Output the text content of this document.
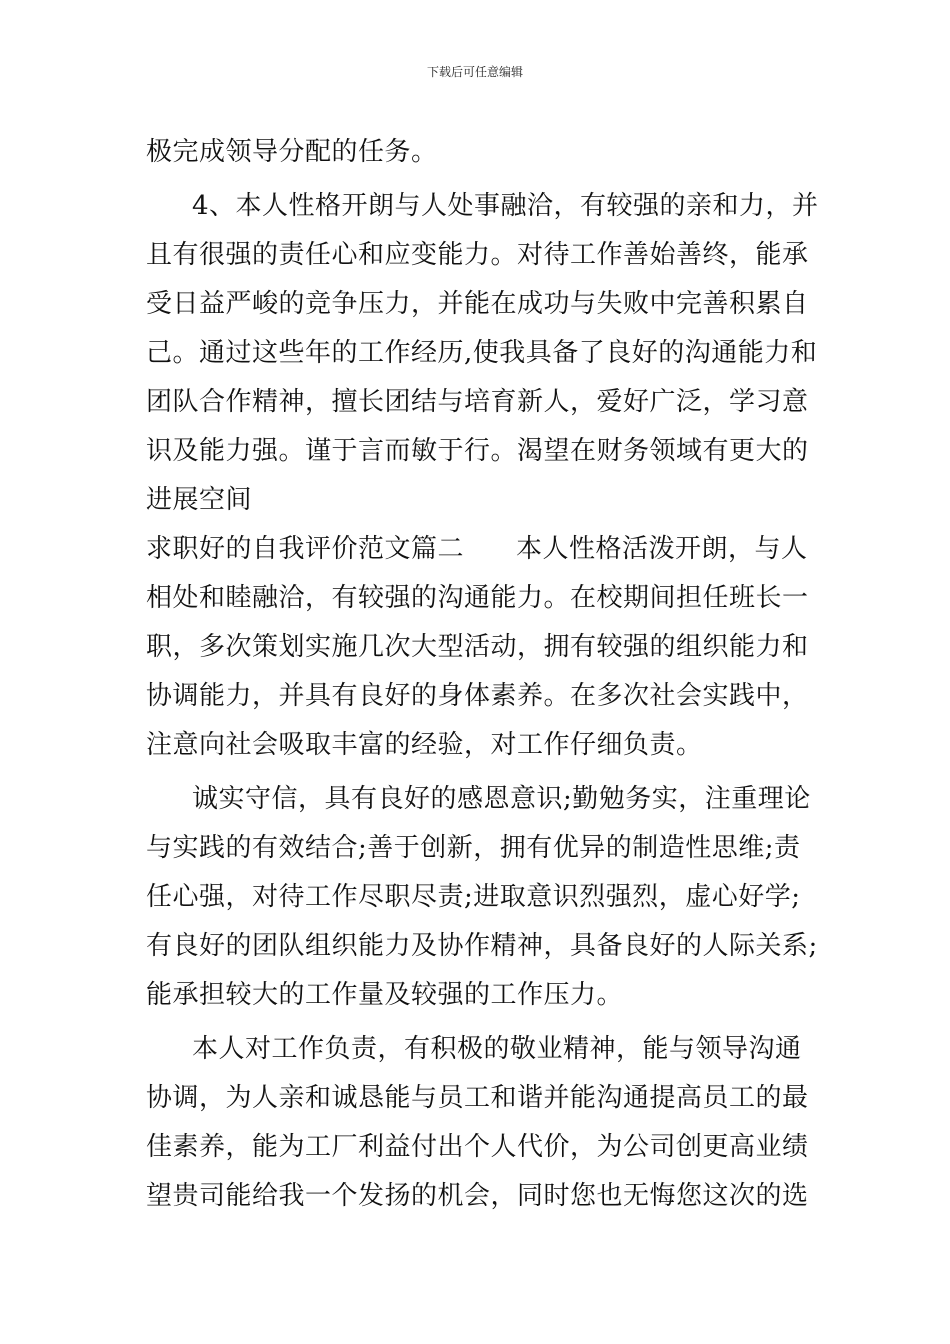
下载后可任意编辑
极完成领导分配的任务。
4、本人性格开朗与人处事融洽，有较强的亲和力，并
且有很强的责任心和应变能力。对待工作善始善终，能承
受日益严峻的竞争压力，并能在成功与失败中完善积累自
己。通过这些年的工作经历,使我具备了良好的沟通能力和
团队合作精神，擅长团结与培育新人，爱好广泛，学习意
识及能力强。谨于言而敏于行。渴望在财务领域有更大的
进展空间
求职好的自我评价范文篇二 本人性格活泼开朗，与人
相处和睦融洽，有较强的沟通能力。在校期间担任班长一
职，多次策划实施几次大型活动，拥有较强的组织能力和
协调能力，并具有良好的身体素养。在多次社会实践中，
注意向社会吸取丰富的经验，对工作仔细负责。
诚实守信，具有良好的感恩意识;勤勉务实，注重理论
与实践的有效结合;善于创新，拥有优异的制造性思维;责
任心强，对待工作尽职尽责;进取意识烈强烈，虚心好学;
有良好的团队组织能力及协作精神，具备良好的人际关系;
能承担较大的工作量及较强的工作压力。
本人对工作负责，有积极的敬业精神，能与领导沟通
协调，为人亲和诚恳能与员工和谐并能沟通提高员工的最
佳素养，能为工厂利益付出个人代价，为公司创更高业绩
望贵司能给我一个发扬的机会，同时您也无悔您这次的选
